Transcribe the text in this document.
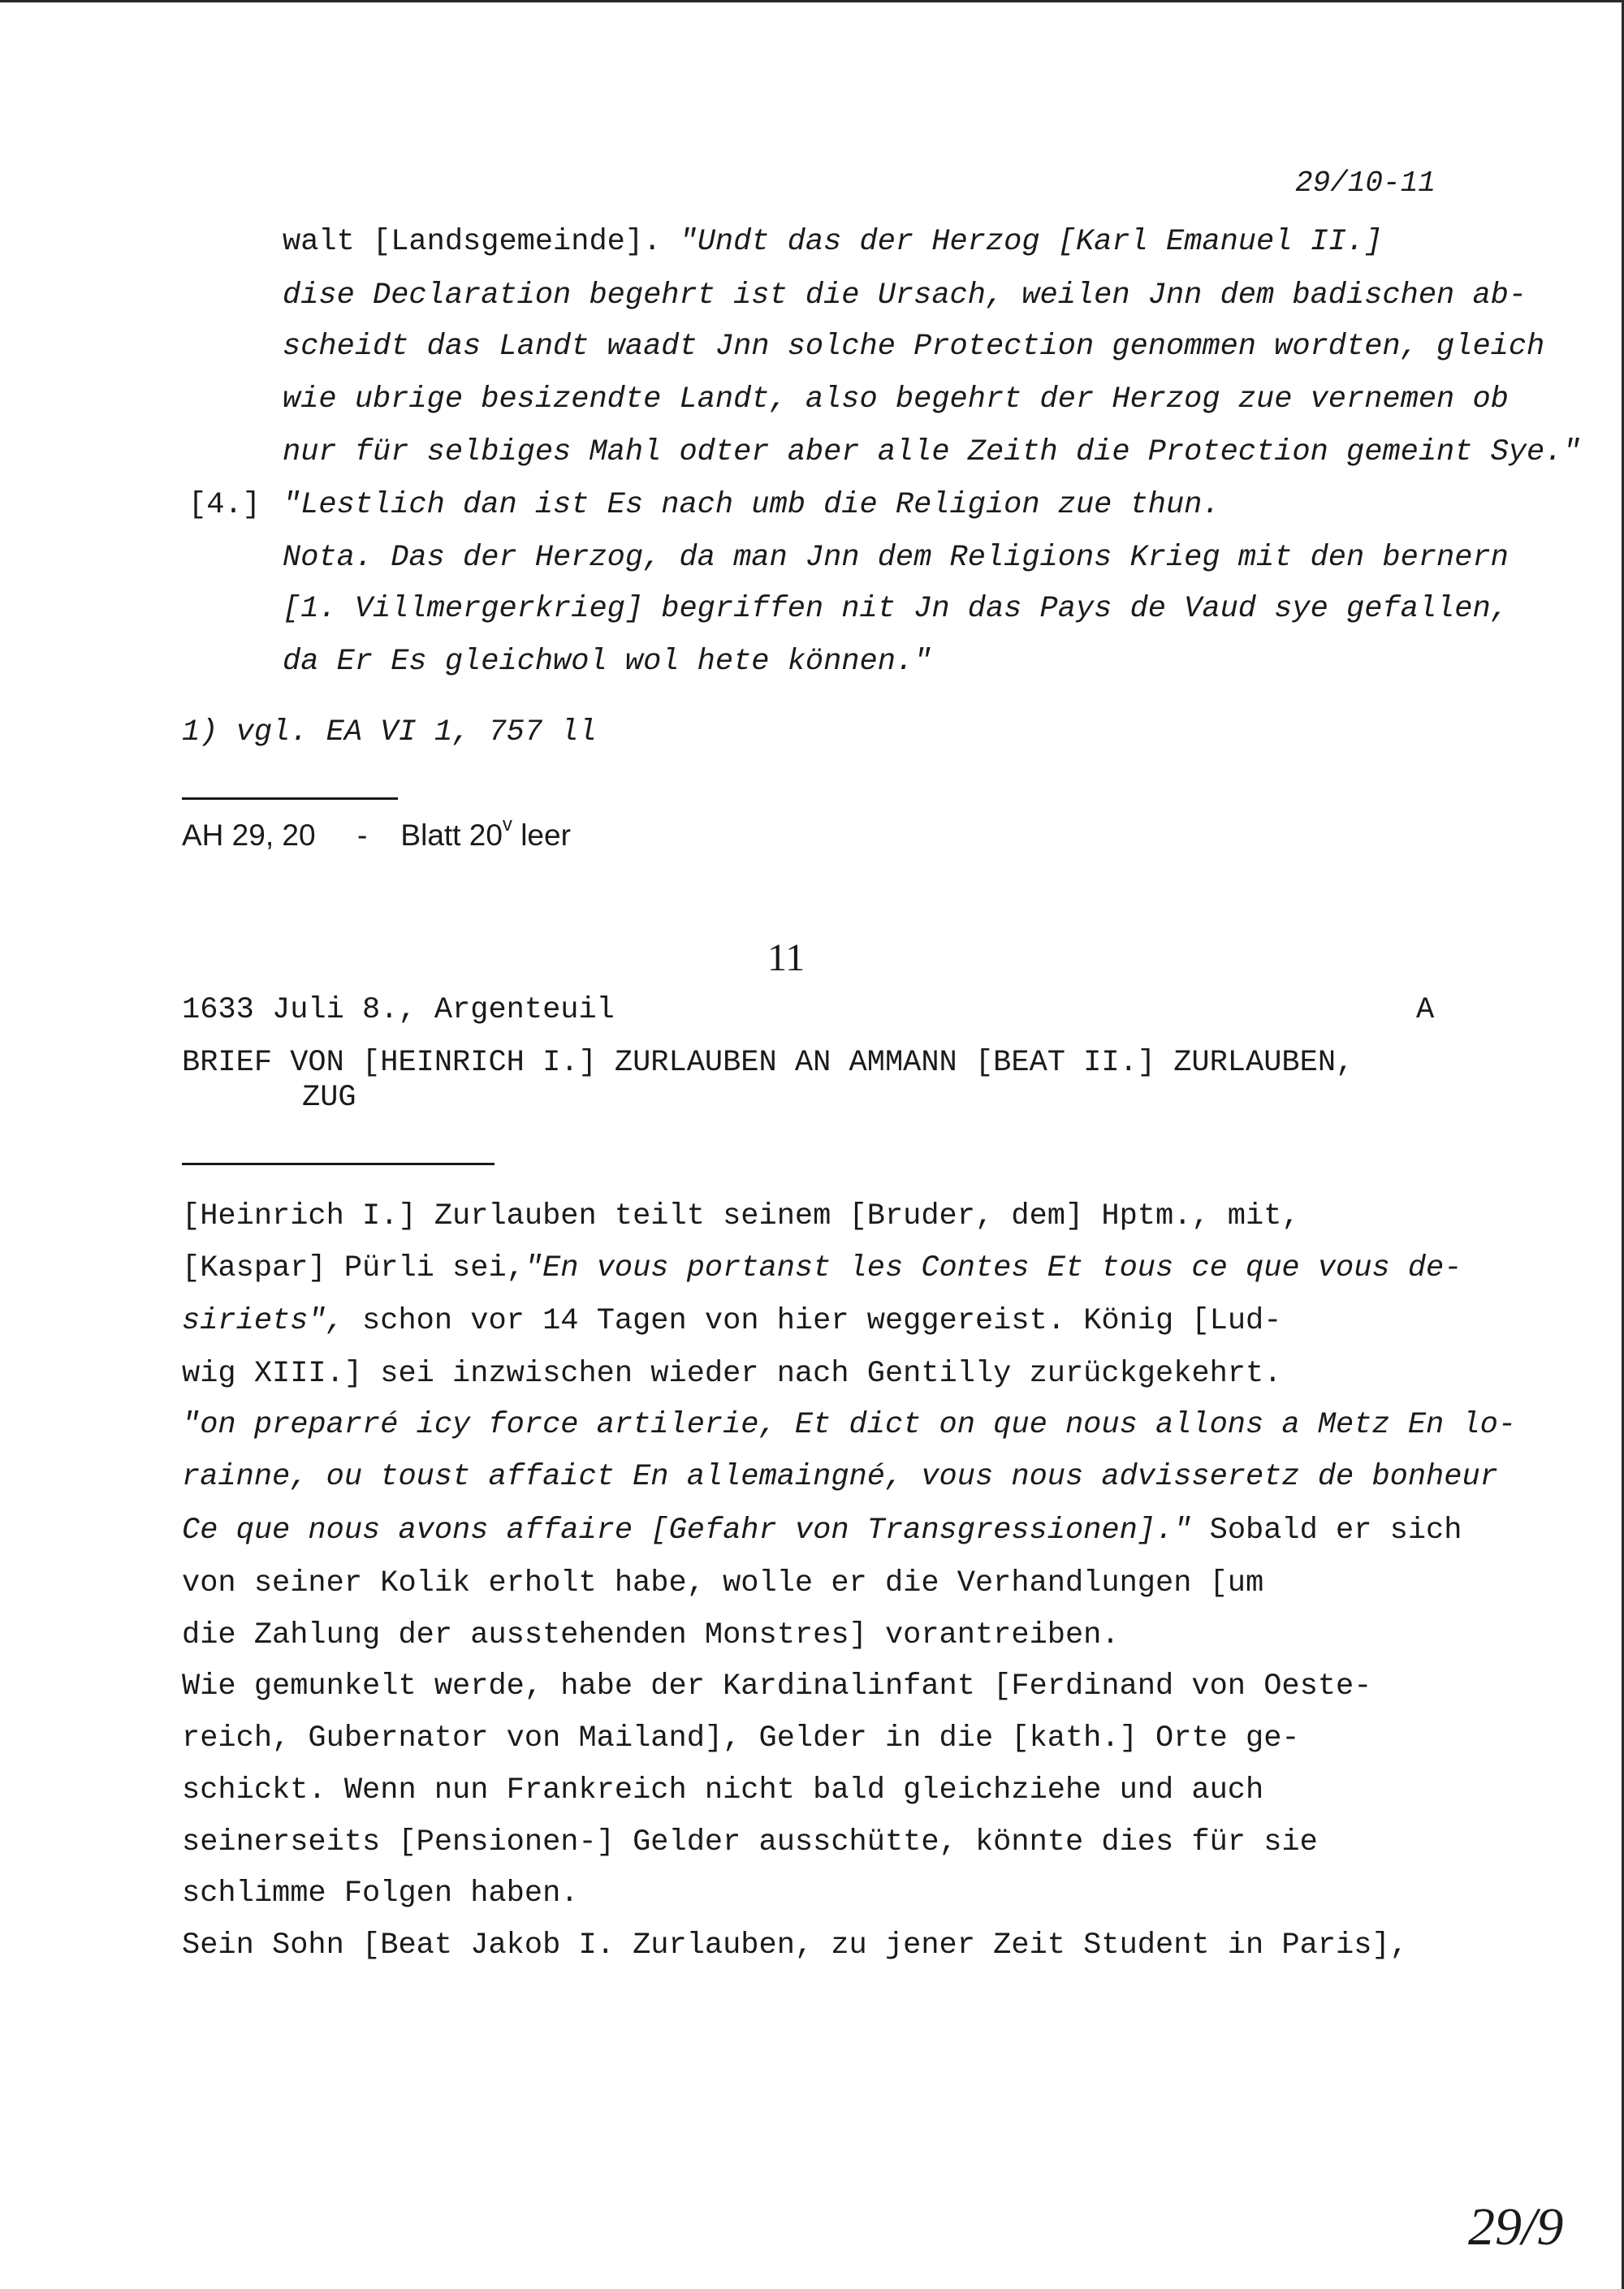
29/10-11
walt [Landsgemeinde]. "Undt das der Herzog [Karl Emanuel II.]
dise Declaration begehrt ist die Ursach, weilen Jnn dem badischen ab-
scheidt das Landt waadt Jnn solche Protection genommen wordten, gleich
wie ubrige besizendte Landt, also begehrt der Herzog zue vernemen ob
nur für selbiges Mahl odter aber alle Zeith die Protection gemeint Sye."
[4.] "Lestlich dan ist Es nach umb die Religion zue thun.
Nota. Das der Herzog, da man Jnn dem Religions Krieg mit den bernern
[1. Villmergerkrieg] begriffen nit Jn das Pays de Vaud sye gefallen,
da Er Es gleichwol wol hete können."
1) vgl. EA VI 1, 757 ll
AH 29, 20 - Blatt 20$^v$ leer
11
1633 Juli 8., Argenteuil	A
BRIEF VON [HEINRICH I.] ZURLAUBEN AN AMMANN [BEAT II.] ZURLAUBEN,
ZUG
[Heinrich I.] Zurlauben teilt seinem [Bruder, dem] Hptm., mit,
[Kaspar] Pürli sei,"En vous portanst les Contes Et tous ce que vous de-
siriets", schon vor 14 Tagen von hier weggereist. König [Lud-
wig XIII.] sei inzwischen wieder nach Gentilly zurückgekehrt.
"on preparré icy force artilerie, Et dict on que nous allons a Metz En lo-
rainne, ou toust affaict En allemaingné, vous nous advisseretz de bonheur
Ce que nous avons affaire [Gefahr von Transgressionen]." Sobald er sich
von seiner Kolik erholt habe, wolle er die Verhandlungen [um
die Zahlung der ausstehenden Monstres] vorantreiben.
Wie gemunkelt werde, habe der Kardinalinfant [Ferdinand von Oeste-
reich, Gubernator von Mailand], Gelder in die [kath.] Orte ge-
schickt. Wenn nun Frankreich nicht bald gleichziehe und auch
seinerseits [Pensionen-] Gelder ausschütte, könnte dies für sie
schlimme Folgen haben.
Sein Sohn [Beat Jakob I. Zurlauben, zu jener Zeit Student in Paris],
29/9
